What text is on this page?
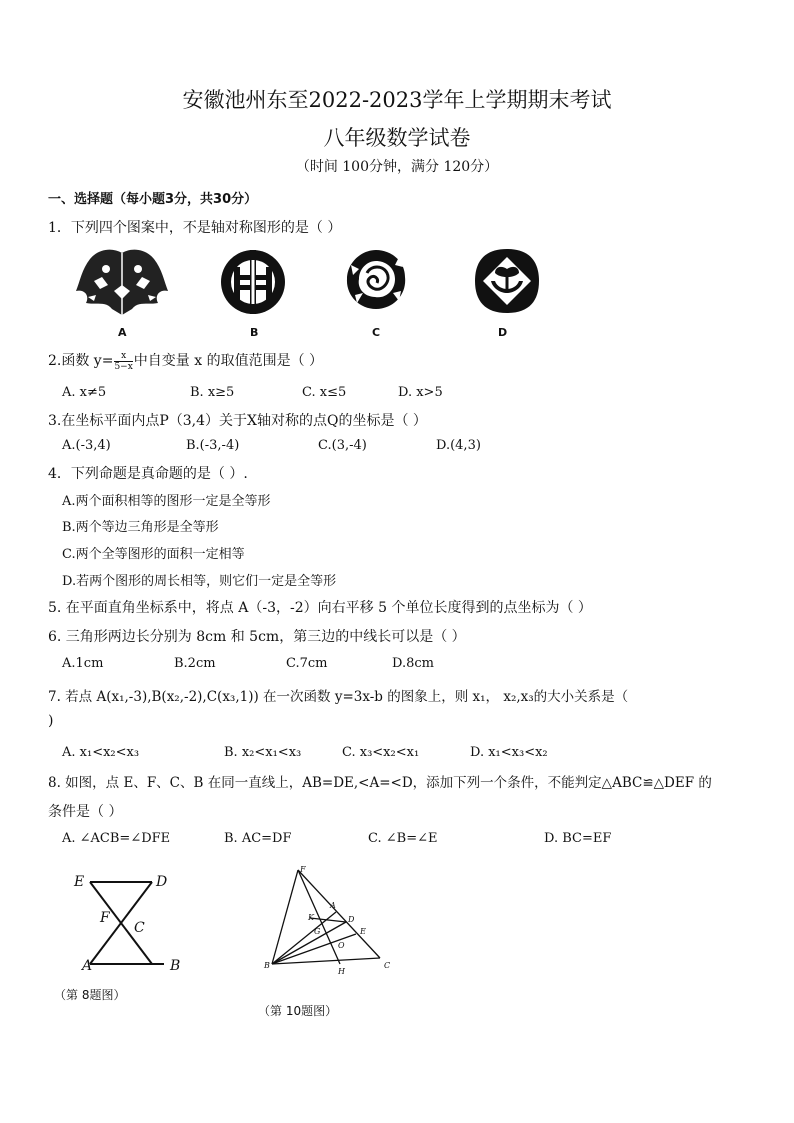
安徽池州东至2022-2023学年上学期期末考试
八年级数学试卷
（时间 100分钟，满分 120分）
一、选择题（每小题3分，共30分）
1．下列四个图案中，不是轴对称图形的是（ ）
A	B	C	D
2.函数 $y= \frac{x}{5-x}$ 中自变量 x 的取值范围是（ ）
A. x≠5	B. x≥5	C. x≤5	D. x>5
3.在坐标平面内点P（3,4）关于X轴对称的点Q的坐标是（ ）
A.(-3,4)	B.(-3,-4)	C.(3,-4)	D.(4,3)
4．下列命题是真命题的是（ ）.
A.两个面积相等的图形一定是全等形
B.两个等边三角形是全等形
C.两个全等图形的面积一定相等
D.若两个图形的周长相等，则它们一定是全等形
5. 在平面直角坐标系中，将点 A（-3，-2）向右平移 5 个单位长度得到的点坐标为（ ）
6. 三角形两边长分别为 8cm 和 5cm，第三边的中线长可以是（ ）
A.1cm	B.2cm	C.7cm	D.8cm
7. 若点 A(x₁,-3),B(x₂,-2),C(x₃,1)) 在一次函数 y=3x-b 的图象上，则 x₁， x₂,x₃的大小关系是（
)
A. x₁<x₂<x₃	B. x₂<x₁<x₃	C. x₃<x₂<x₁	D. x₁<x₃<x₂
8. 如图，点 E、F、C、B 在同一直线上，AB=DE,<A=<D，添加下列一个条件，不能判定△ABC≌△DEF 的
条件是（ ）
A. ∠ACB=∠DFE	B. AC=DF	C. ∠B=∠E	D. BC=EF
E	D
F
C
A	B
（第 8题图）
F
A
K
G
D
E
O
B
H
C
（第 10题图）
